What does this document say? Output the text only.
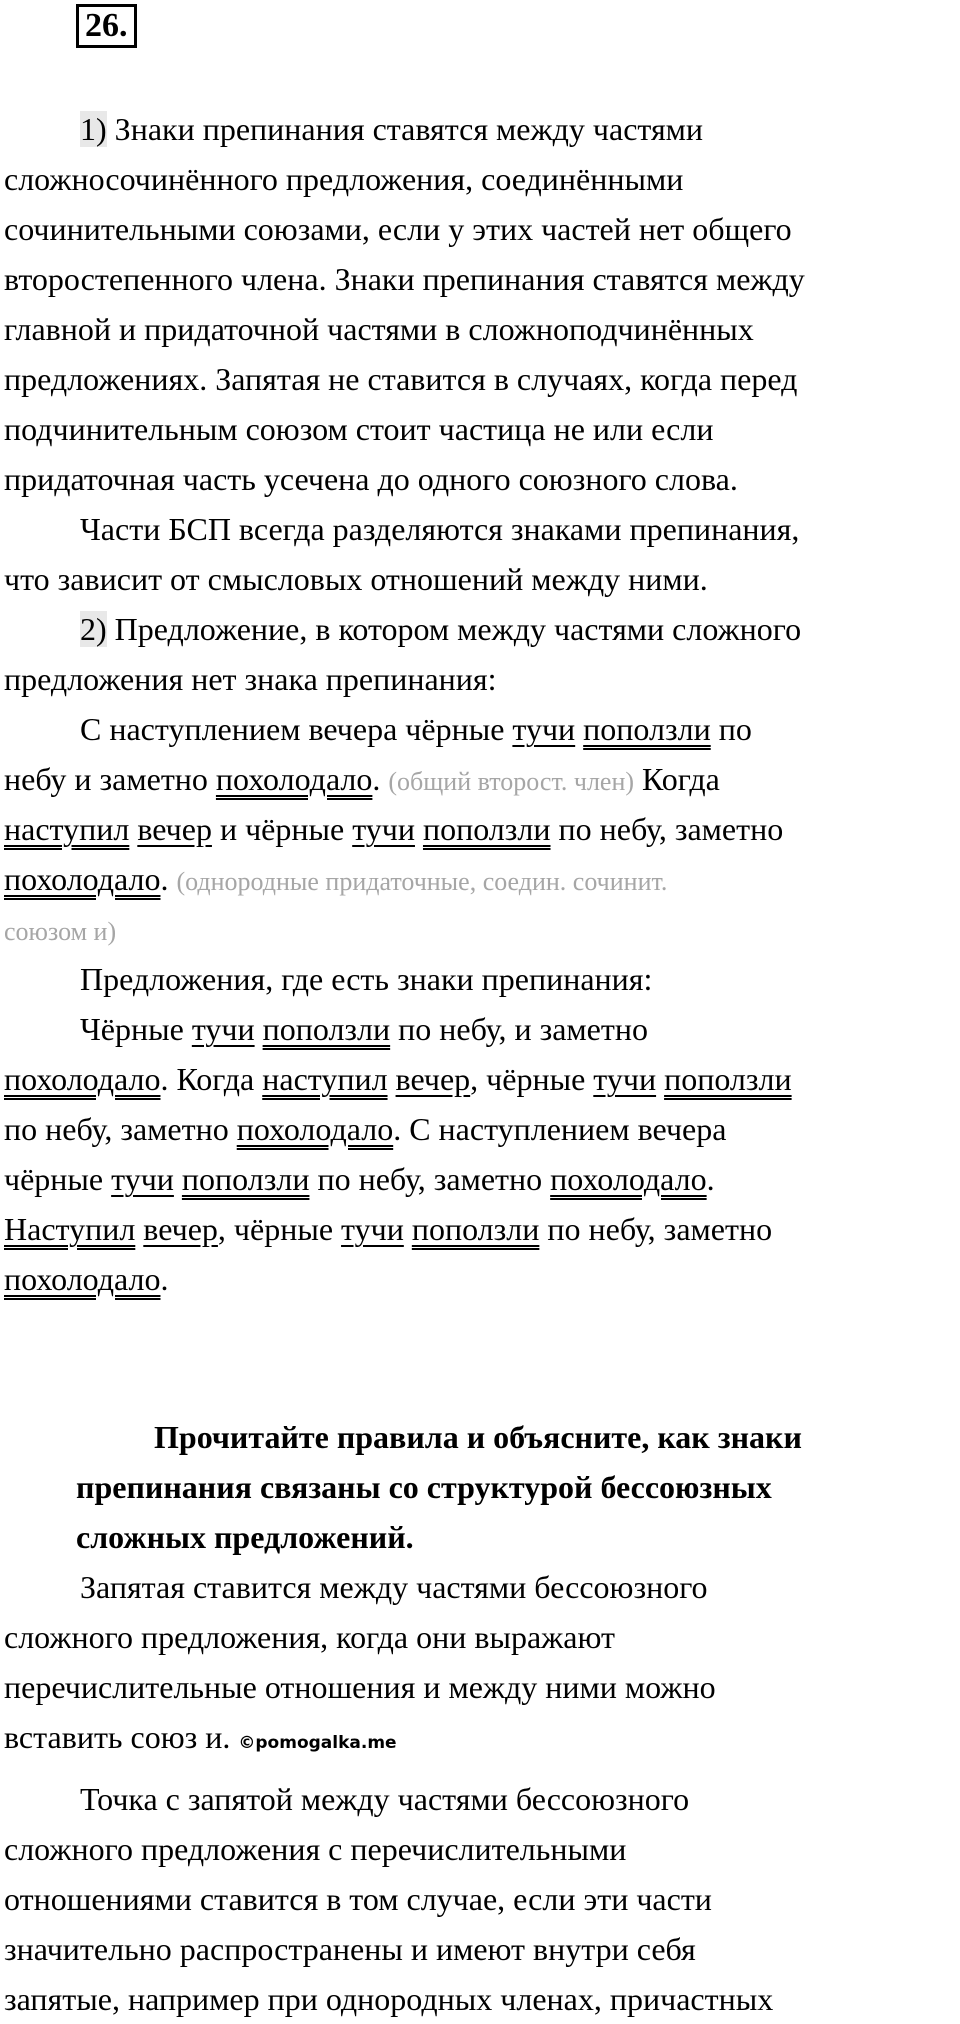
26.
1) Знаки препинания ставятся между частями
сложносочинённого предложения, соединёнными
сочинительными союзами, если у этих частей нет общего
второстепенного члена. Знаки препинания ставятся между
главной и придаточной частями в сложноподчинённых
предложениях. Запятая не ставится в случаях, когда перед
подчинительным союзом стоит частица не или если
придаточная часть усечена до одного союзного слова.
Части БСП всегда разделяются знаками препинания,
что зависит от смысловых отношений между ними.
2) Предложение, в котором между частями сложного
предложения нет знака препинания:
С наступлением вечера чёрные тучи поползли по
небу и заметно похолодало. (общий второст. член) Когда
наступил вечер и чёрные тучи поползли по небу, заметно
похолодало. (однородные придаточные, соедин. сочинит.
союзом и)
Предложения, где есть знаки препинания:
Чёрные тучи поползли по небу, и заметно
похолодало. Когда наступил вечер, чёрные тучи поползли
по небу, заметно похолодало. С наступлением вечера
чёрные тучи поползли по небу, заметно похолодало.
Наступил вечер, чёрные тучи поползли по небу, заметно
похолодало.
Прочитайте правила и объясните, как знаки
препинания связаны со структурой бессоюзных
сложных предложений.
Запятая ставится между частями бессоюзного
сложного предложения, когда они выражают
перечислительные отношения и между ними можно
вставить союз и. ©pomogalka.me
Точка с запятой между частями бессоюзного
сложного предложения с перечислительными
отношениями ставится в том случае, если эти части
значительно распространены и имеют внутри себя
запятые, например при однородных членах, причастных
